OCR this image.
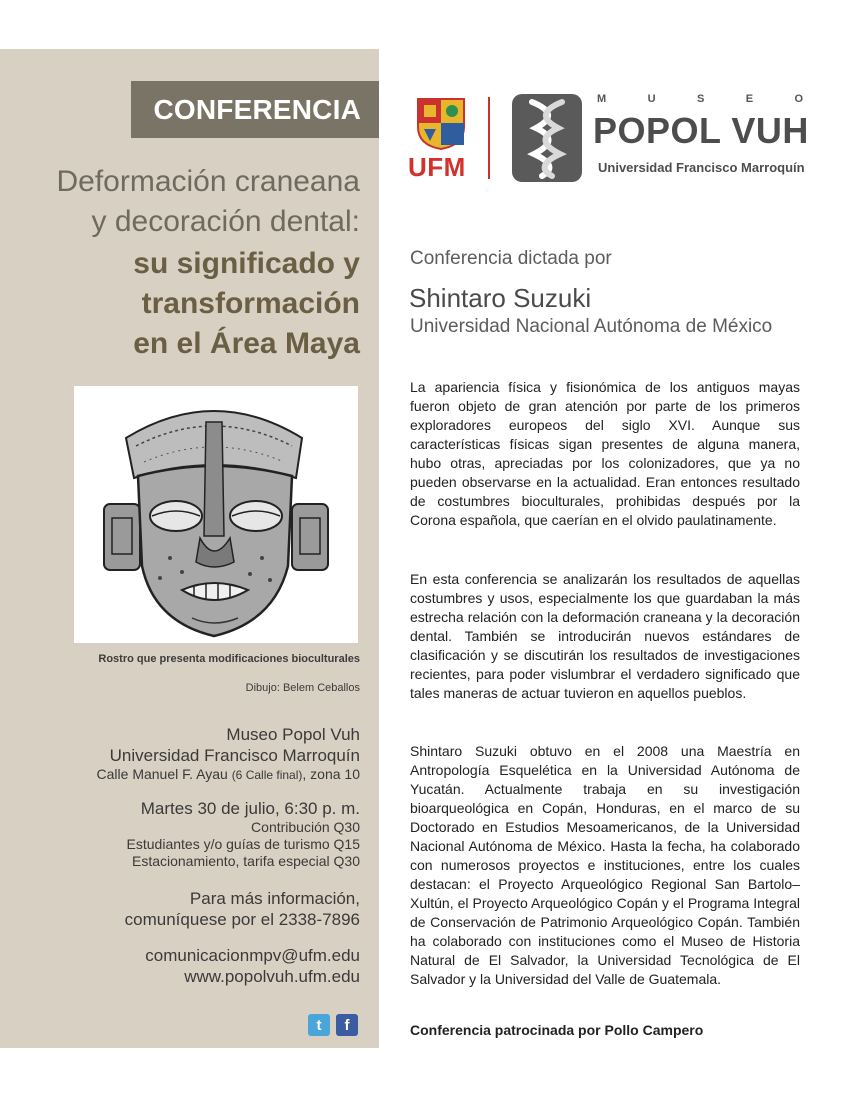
CONFERENCIA
Deformación craneana
y decoración dental:
su significado y
transformación
en el Área Maya
Rostro que presenta modificaciones bioculturales
Dibujo: Belem Ceballos
Museo Popol Vuh
Universidad Francisco Marroquín
Calle Manuel F. Ayau (6 Calle final), zona 10
Martes 30 de julio, 6:30 p. m.
Contribución Q30
Estudiantes y/o guías de turismo Q15
Estacionamiento, tarifa especial Q30
Para más información,
comuníquese por el 2338-7896
comunicacionmpv@ufm.edu
www.popolvuh.ufm.edu
t	f
UFM
M	U	S	E	O
POPOL VUH
Universidad Francisco Marroquín
Conferencia dictada por
Shintaro Suzuki
Universidad Nacional Autónoma de México

La apariencia física y fisionómica de los antiguos mayas fueron objeto de gran atención por parte de los primeros exploradores europeos del siglo XVI. Aunque sus características físicas sigan presentes de alguna manera, hubo otras, apreciadas por los colonizadores, que ya no pueden observarse en la actualidad. Eran entonces resultado de costumbres bioculturales, prohibidas después por la Corona española, que caerían en el olvido paulatinamente.

En esta conferencia se analizarán los resultados de aquellas costumbres y usos, especialmente los que guardaban la más estrecha relación con la deformación craneana y la decoración dental. También se introducirán nuevos estándares de clasificación y se discutirán los resultados de investigaciones recientes, para poder vislumbrar el verdadero significado que tales maneras de actuar tuvieron en aquellos pueblos.

Shintaro Suzuki obtuvo en el 2008 una Maestría en Antropología Esquelética en la Universidad Autónoma de Yucatán. Actualmente trabaja en su investigación bioarqueológica en Copán, Honduras, en el marco de su Doctorado en Estudios Mesoamericanos, de la Universidad Nacional Autónoma de México. Hasta la fecha, ha colaborado con numerosos proyectos e instituciones, entre los cuales destacan: el Proyecto Arqueológico Regional San Bartolo–Xultún, el Proyecto Arqueológico Copán y el Programa Integral de Conservación de Patrimonio Arqueológico Copán. También ha colaborado con instituciones como el Museo de Historia Natural de El Salvador, la Universidad Tecnológica de El Salvador y la Universidad del Valle de Guatemala.

Conferencia patrocinada por Pollo Campero
